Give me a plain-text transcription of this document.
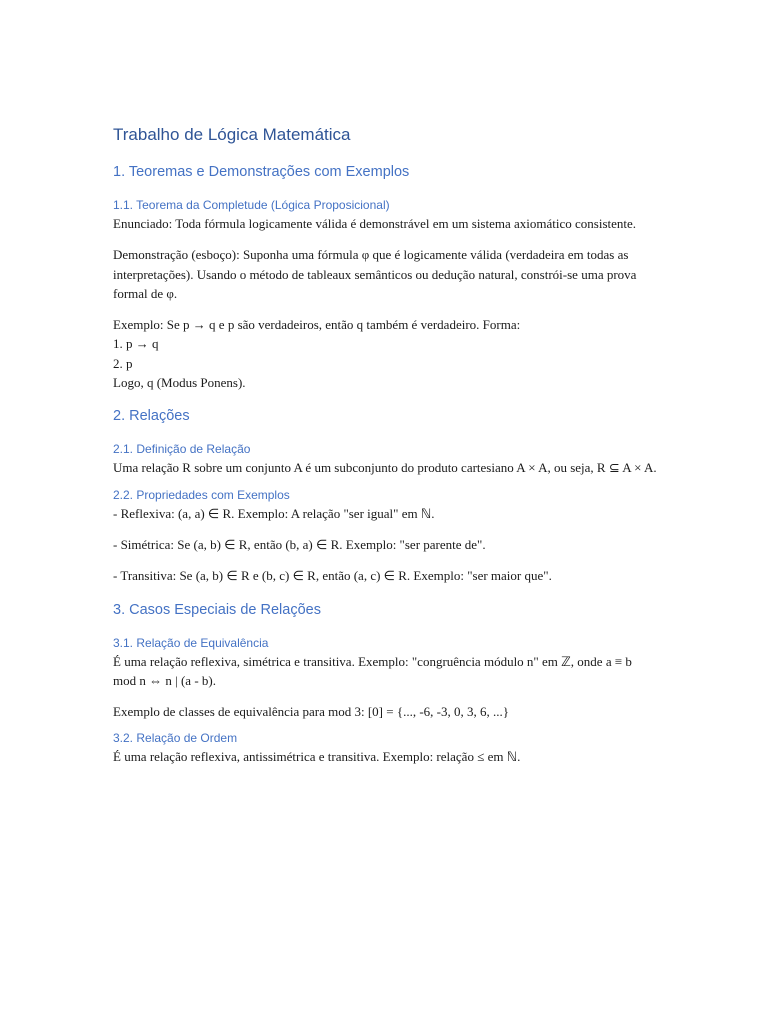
Trabalho de Lógica Matemática
1. Teoremas e Demonstrações com Exemplos
1.1. Teorema da Completude (Lógica Proposicional)

Enunciado: Toda fórmula logicamente válida é demonstrável em um sistema axiomático consistente.

Demonstração (esboço): Suponha uma fórmula φ que é logicamente válida (verdadeira em todas as interpretações). Usando o método de tableaux semânticos ou dedução natural, constrói-se uma prova formal de φ.

Exemplo: Se p → q e p são verdadeiros, então q também é verdadeiro. Forma:
1. p → q
2. p
Logo, q (Modus Ponens).
2. Relações
2.1. Definição de Relação

Uma relação R sobre um conjunto A é um subconjunto do produto cartesiano A × A, ou seja, R ⊆ A × A.

2.2. Propriedades com Exemplos

- Reflexiva: (a, a) ∈ R. Exemplo: A relação "ser igual" em ℕ.

- Simétrica: Se (a, b) ∈ R, então (b, a) ∈ R. Exemplo: "ser parente de".

- Transitiva: Se (a, b) ∈ R e (b, c) ∈ R, então (a, c) ∈ R. Exemplo: "ser maior que".

3. Casos Especiais de Relações
3.1. Relação de Equivalência

É uma relação reflexiva, simétrica e transitiva. Exemplo: "congruência módulo n" em ℤ, onde a ≡ b mod n ⇔ n | (a - b).

Exemplo de classes de equivalência para mod 3: [0] = {..., -6, -3, 0, 3, 6, ...}

3.2. Relação de Ordem

É uma relação reflexiva, antissimétrica e transitiva. Exemplo: relação ≤ em ℕ.
